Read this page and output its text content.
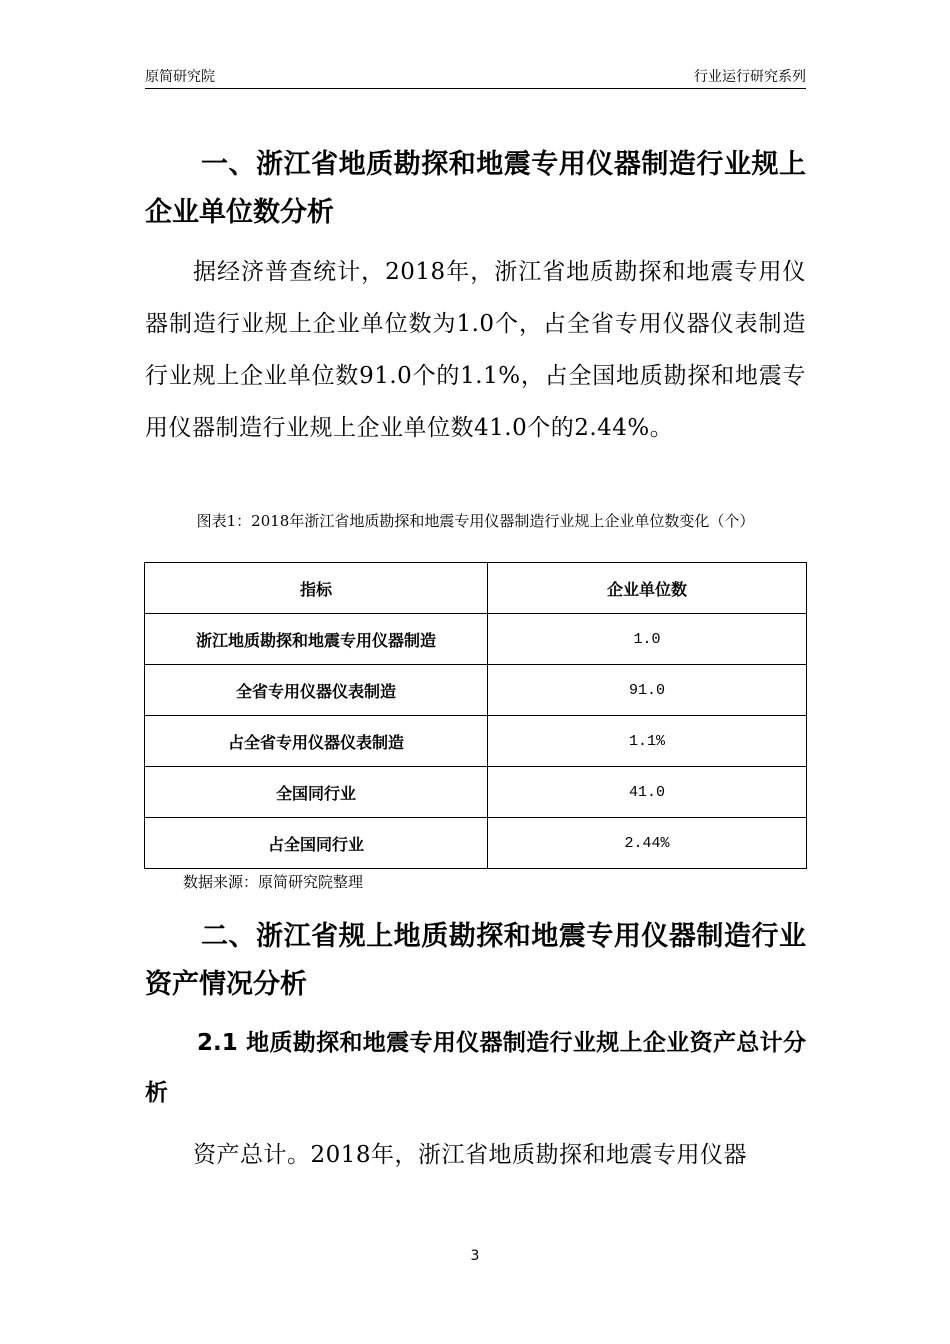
原简研究院	行业运行研究系列
一、浙江省地质勘探和地震专用仪器制造行业规上企业单位数分析
据经济普查统计，2018年，浙江省地质勘探和地震专用仪器制造行业规上企业单位数为1.0个，占全省专用仪器仪表制造行业规上企业单位数91.0个的1.1%，占全国地质勘探和地震专用仪器制造行业规上企业单位数41.0个的2.44%。
图表1：2018年浙江省地质勘探和地震专用仪器制造行业规上企业单位数变化（个）
指标	企业单位数
浙江地质勘探和地震专用仪器制造	1.0
全省专用仪器仪表制造	91.0
占全省专用仪器仪表制造	1.1%
全国同行业	41.0
占全国同行业	2.44%
数据来源：原简研究院整理
二、浙江省规上地质勘探和地震专用仪器制造行业资产情况分析
2.1 地质勘探和地震专用仪器制造行业规上企业资产总计分析
资产总计。2018年，浙江省地质勘探和地震专用仪器
3
